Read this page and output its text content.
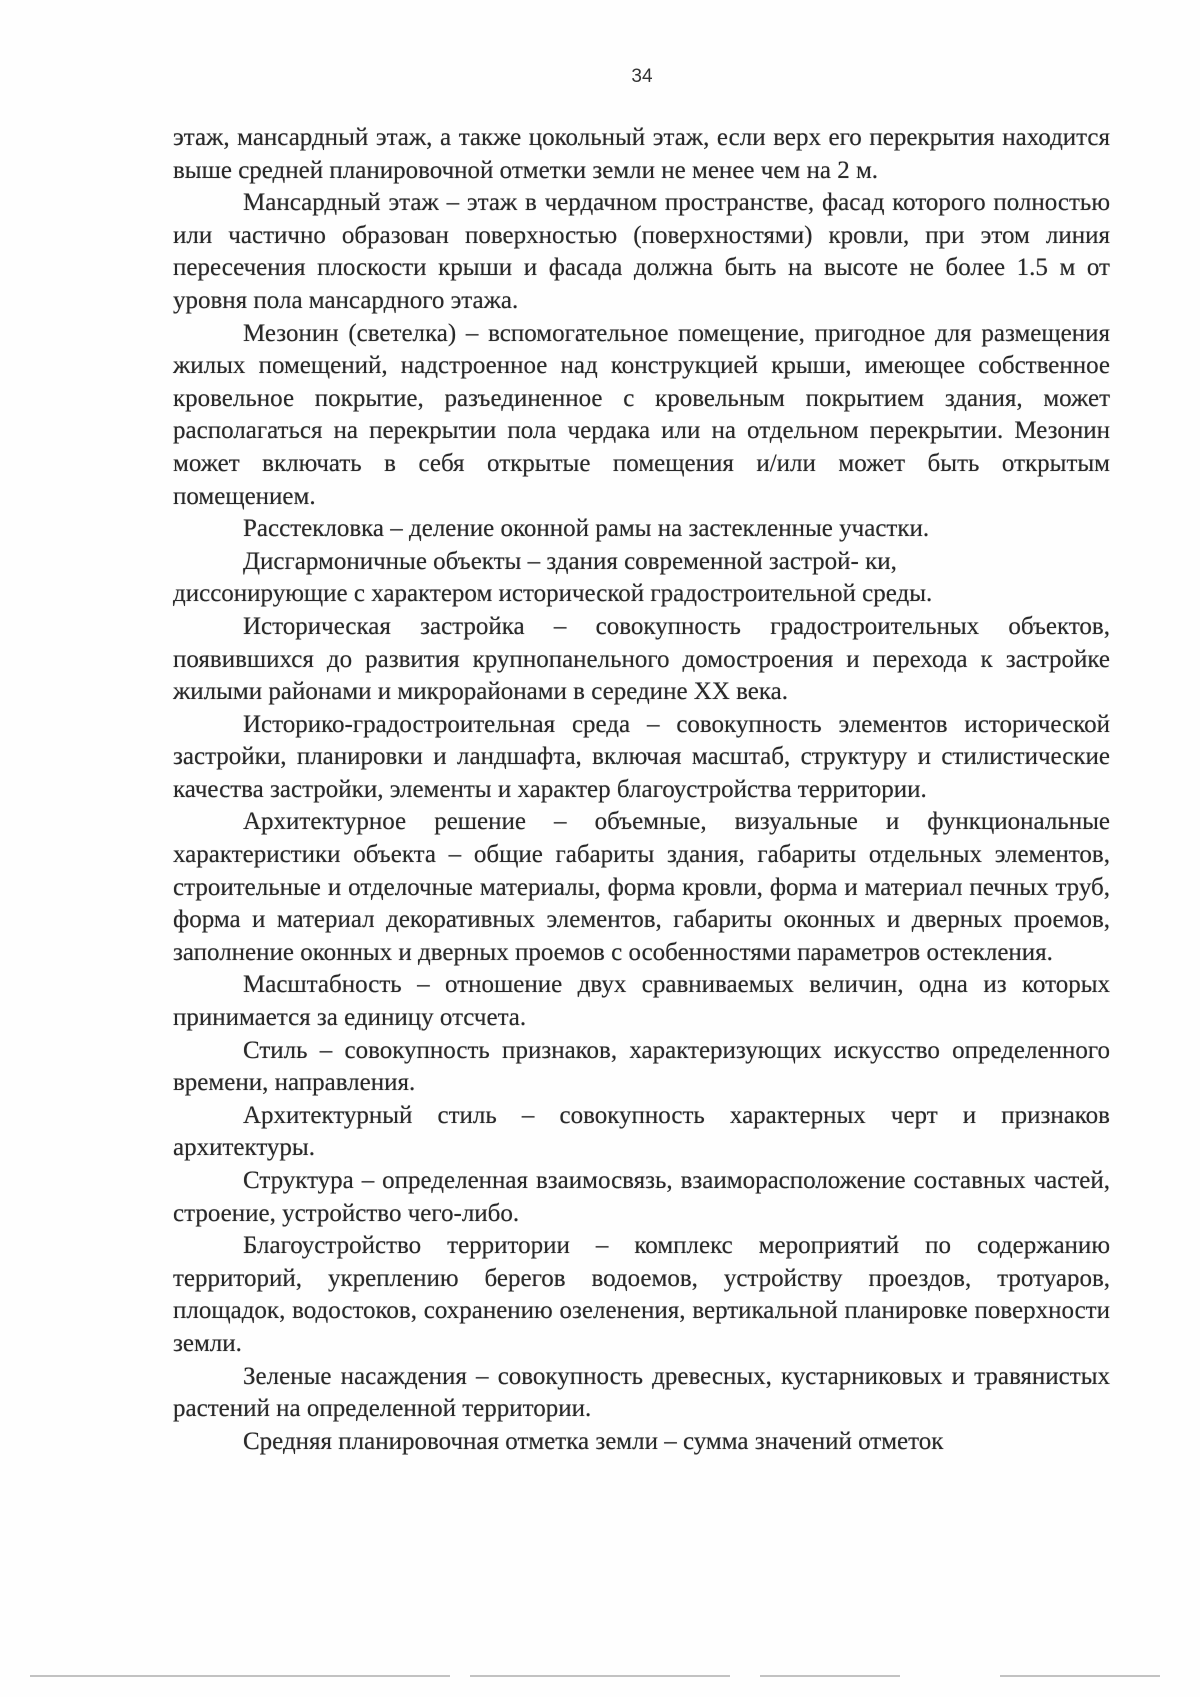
34

этаж, мансардный этаж, а также цокольный этаж, если верх его перекрытия находится выше средней планировочной отметки земли не менее чем на 2 м.

Мансардный этаж – этаж в чердачном пространстве, фасад которого полностью или частично образован поверхностью (поверхностями) кровли, при этом линия пересечения плоскости крыши и фасада должна быть на высоте не более 1.5 м от уровня пола мансардного этажа.

Мезонин (светелка) – вспомогательное помещение, пригодное для размещения жилых помещений, надстроенное над конструкцией крыши, имеющее собственное кровельное покрытие, разъединенное с кровельным покрытием здания, может располагаться на перекрытии пола чердака или на отдельном перекрытии. Мезонин может включать в себя открытые помещения и/или может быть открытым помещением.

Расстекловка – деление оконной рамы на застекленные участки.

Дисгармоничные объекты – здания современной застрой- ки,

диссонирующие с характером исторической градостроительной среды.

Историческая застройка – совокупность градостроительных объектов, появившихся до развития крупнопанельного домостроения и перехода к застройке жилыми районами и микрорайонами в середине XX века.

Историко-градостроительная среда – совокупность элементов исторической застройки, планировки и ландшафта, включая масштаб, структуру и стилистические качества застройки, элементы и характер благоустройства территории.

Архитектурное решение – объемные, визуальные и функциональные характеристики объекта – общие габариты здания, габариты отдельных элементов, строительные и отделочные материалы, форма кровли, форма и материал печных труб, форма и материал декоративных элементов, габариты оконных и дверных проемов, заполнение оконных и дверных проемов с особенностями параметров остекления.

Масштабность – отношение двух сравниваемых величин, одна из которых принимается за единицу отсчета.

Стиль – совокупность признаков, характеризующих искусство определенного времени, направления.

Архитектурный стиль – совокупность характерных черт и признаков архитектуры.

Структура – определенная взаимосвязь, взаиморасположение составных частей, строение, устройство чего-либо.

Благоустройство территории – комплекс мероприятий по содержанию территорий, укреплению берегов водоемов, устройству проездов, тротуаров, площадок, водостоков, сохранению озеленения, вертикальной планировке поверхности земли.

Зеленые насаждения – совокупность древесных, кустарниковых и травянистых растений на определенной территории.

Средняя планировочная отметка земли – сумма значений отметок
